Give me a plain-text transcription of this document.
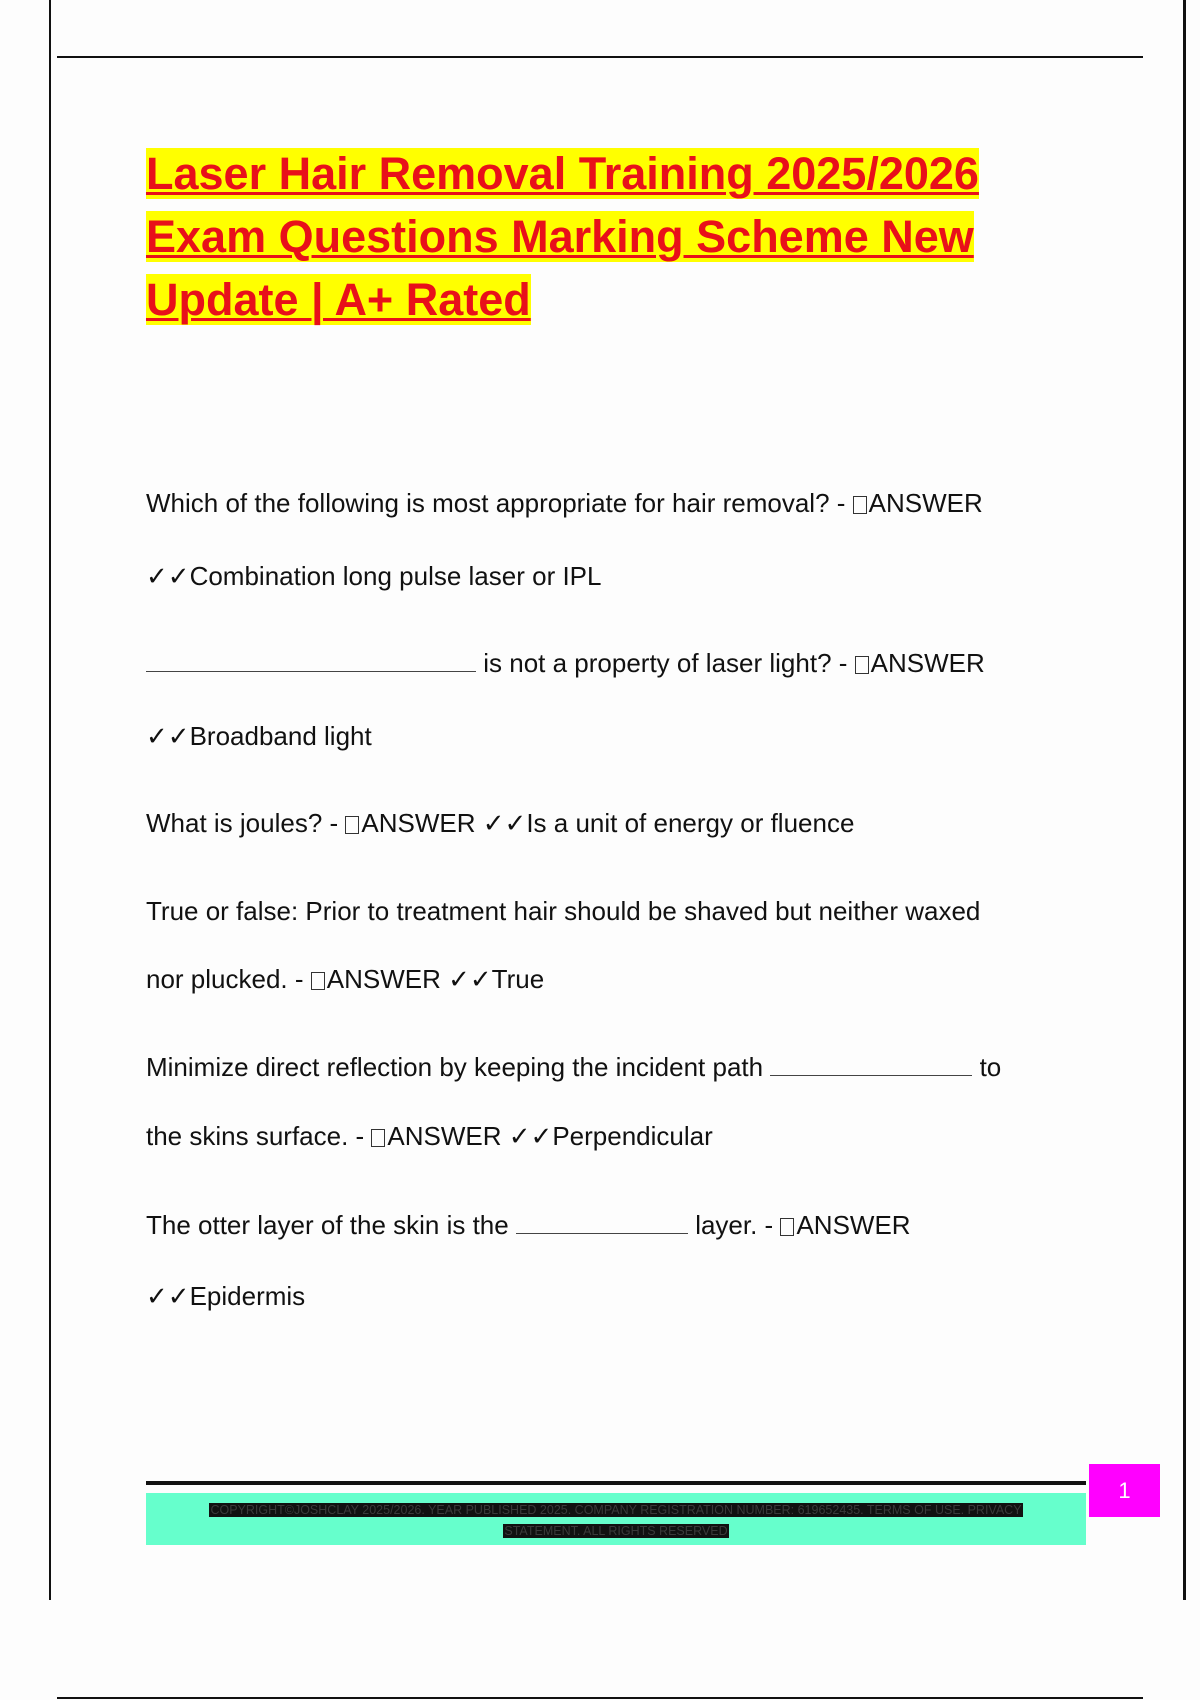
Laser Hair Removal Training 2025/2026 Exam Questions Marking Scheme New Update | A+ Rated
Which of the following is most appropriate for hair removal? - ANSWER
✓✓Combination long pulse laser or IPL
is not a property of laser light? - ANSWER
✓✓Broadband light
What is joules? - ANSWER ✓✓Is a unit of energy or fluence
True or false: Prior to treatment hair should be shaved but neither waxed
nor plucked. - ANSWER ✓✓True
Minimize direct reflection by keeping the incident path	to
the skins surface. - ANSWER ✓✓Perpendicular
The otter layer of the skin is the	layer. - ANSWER
✓✓Epidermis
COPYRIGHT©JOSHCLAY 2025/2026. YEAR PUBLISHED 2025. COMPANY REGISTRATION NUMBER: 619652435. TERMS OF USE. PRIVACY
STATEMENT. ALL RIGHTS RESERVED
1
